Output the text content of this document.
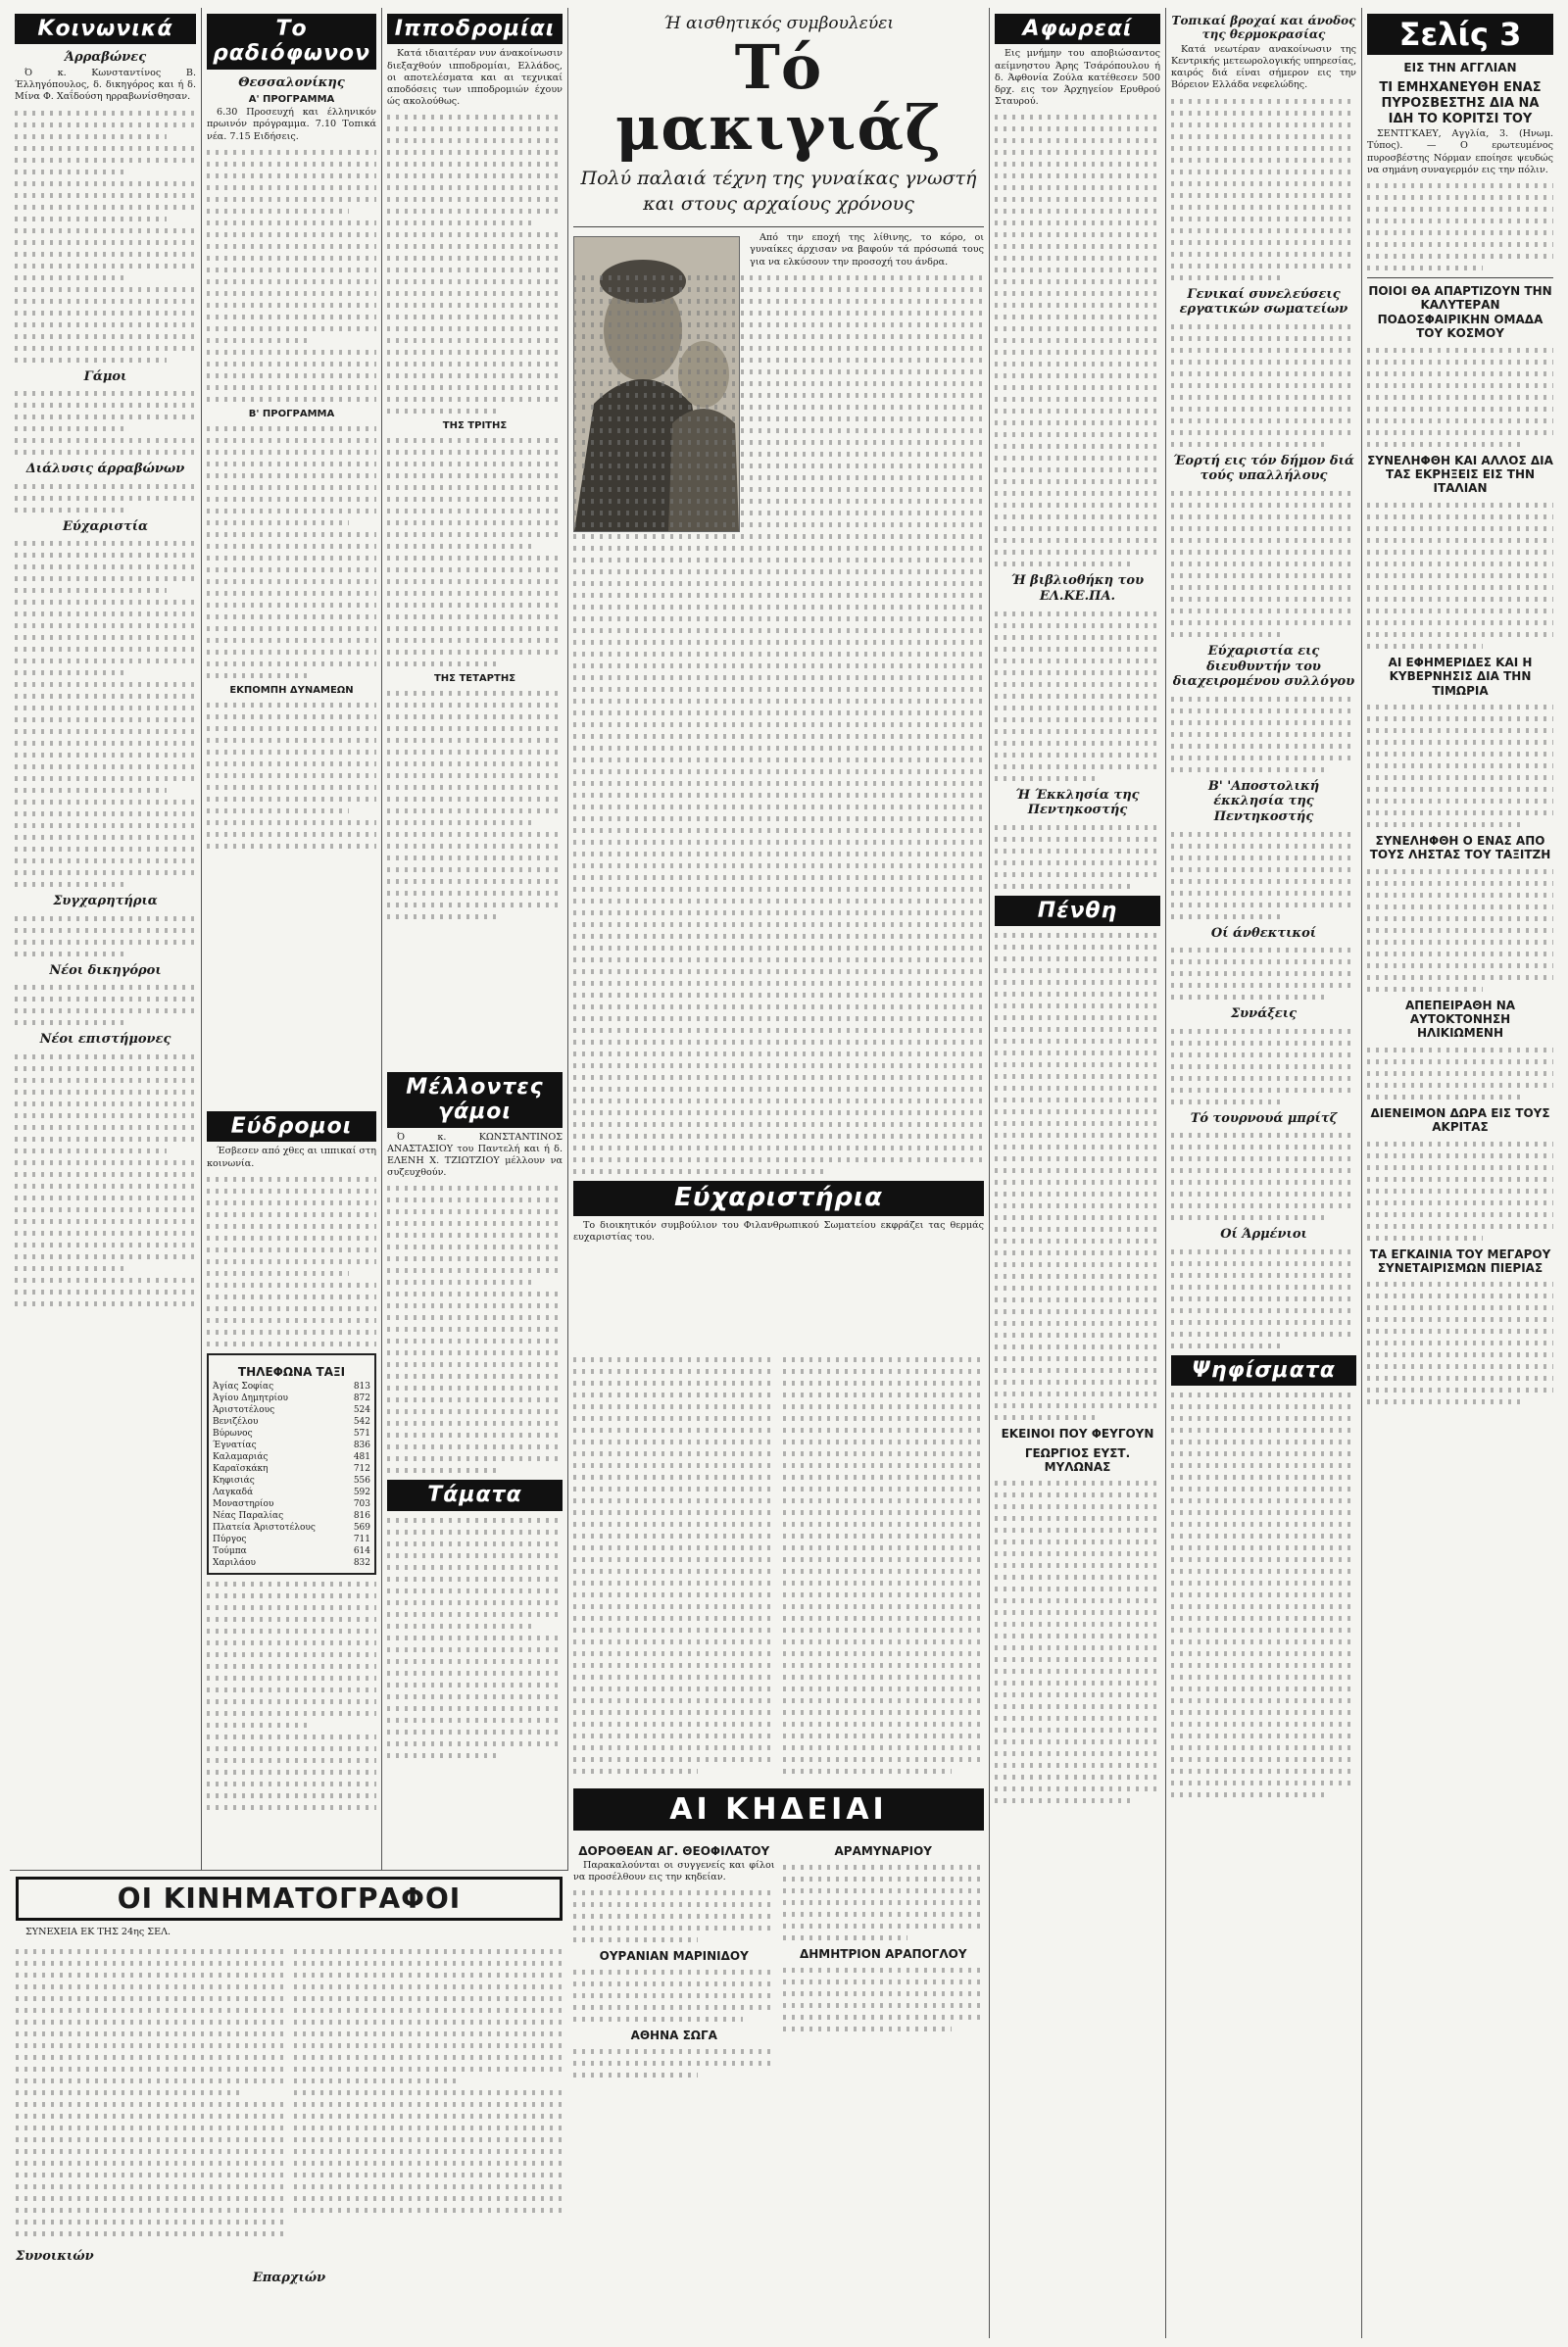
Κοινωνικά
Άρραβώνες

Ό κ. Κωνσταντίνος Β. Έλληγόπουλος, δ. δικηγόρος και ή δ. Μίνα Φ. Χαΐδούση ηρραβωνίσθησαν.

Γάμοι
Διάλυσις άρραβώνων
Εύχαριστία
Συγχαρητήρια
Νέοι δικηγόροι
Νέοι επιστήμονες
Το ραδιόφωνον
Θεσσαλονίκης
Α' ΠΡΟΓΡΑΜΜΑ

6.30 Προσευχή και έλληνικόν πρωινόν πρόγραμμα. 7.10 Τοπικά νέα. 7.15 Ειδήσεις.

Β' ΠΡΟΓΡΑΜΜΑ
ΕΚΠΟΜΠΗ ΔΥΝΑΜΕΩΝ
Εύδρομοι

Έσβεσεν από χθες αι ιππικαί στη κοινωνία.

ΤΗΛΕΦΩΝΑ ΤΑΞΙ
Άγίας Σοφίας	813
Άγίου Δημητρίου	872
Άριστοτέλους	524
Βενιζέλου	542
Βύρωνος	571
Έγνατίας	836
Καλαμαριάς	481
Καραϊσκάκη	712
Κηφισιάς	556
Λαγκαδά	592
Μοναστηρίου	703
Νέας Παραλίας	816
Πλατεία Άριστοτέλους	569
Πύργος	711
Τούμπα	614
Χαριλάου	832
Ιπποδρομίαι

Κατά ιδιαιτέραν νυν άνακοίνωσιν διεξαχθούν ιπποδρομίαι, Ελλάδος, οι αποτελέσματα και αι τεχνικαί αποδόσεις των ιπποδρομιών έχουν ώς ακολούθως.

ΤΗΣ ΤΡΙΤΗΣ
ΤΗΣ ΤΕΤΑΡΤΗΣ
Μέλλοντες γάμοι

Ό κ. ΚΩΝΣΤΑΝΤΙΝΟΣ ΑΝΑΣΤΑΣΙΟΥ του Παντελή και ή δ. ΕΛΕΝΗ Χ. ΤΖΙΩΤΖΙΟΥ μέλλουν να συζευχθούν.

Τάματα
ΟΙ ΚΙΝΗΜΑΤΟΓΡΑΦΟΙ

ΣΥΝΕΧΕΙΑ ΕΚ ΤΗΣ 24ης ΣΕΛ.

Συνοικιών
Επαρχιών
Ή αισθητικός συμβουλεύει
Τό μακιγιάζ
Πολύ παλαιά τέχνη της γυναίκας γνωστή και στους αρχαίους χρόνους

Από την εποχή της λίθινης, το κόρο, οι γυναίκες άρχισαν να βαφούν τά πρόσωπά τους για να ελκύσουν την προσοχή του άνδρα.

Εύχαριστήρια

Το διοικητικόν συμβούλιον του Φιλανθρωπικού Σωματείου εκφράζει τας θερμάς ευχαριστίας του.

ΑΙ ΚΗΔΕΙΑΙ
ΔΟΡΟΘΕΑΝ ΑΓ. ΘΕΟΦΙΛΑΤΟΥ

Παρακαλούνται οι συγγενείς και φίλοι να προσέλθουν εις την κηδείαν.

ΟΥΡΑΝΙΑΝ ΜΑΡΙΝΙΔΟΥ
ΑΘΗΝΑ ΣΩΓΑ
ΑΡΑΜΥΝΑΡΙΟΥ
ΔΗΜΗΤΡΙΟΝ ΑΡΑΠΟΓΛΟΥ
Αφωρεαί

Εις μνήμην του αποβιώσαντος αείμνηστου Άρης Τσάρόπουλου ή δ. Άφθονία Ζούλα κατέθεσεν 500 δρχ. εις τον Άρχηγείον Ερυθρού Σταυρού.

Ή βιβλιοθήκη του ΕΛ.ΚΕ.ΠΑ.
Ή Έκκλησία της Πεντηκοστής
Πένθη
ΕΚΕΙΝΟΙ ΠΟΥ ΦΕΥΓΟΥΝ
ΓΕΩΡΓΙΟΣ ΕΥΣΤ. ΜΥΛΩΝΑΣ
Τοπικαί βροχαί και άνοδος της θερμοκρασίας

Κατά νεωτέραν ανακοίνωσιν της Κεντρικής μετεωρολογικής υπηρεσίας, καιρός διά είναι σήμερον εις την Βόρειον Ελλάδα νεφελώδης.

Γενικαί συνελεύσεις εργατικών σωματείων
Έορτή εις τόν δήμον διά τούς υπαλλήλους
Εύχαριστία εις διευθυντήν του διαχειρομένου συλλόγου
Β' 'Αποστολική έκκλησία της Πεντηκοστής
Οί άνθεκτικοί
Συνάξεις
Τό τουρνουά μπρίτζ
Οί Άρμένιοι
Ψηφίσματα
Σελίς 3
ΕΙΣ ΤΗΝ ΑΓΓΛΙΑΝ
ΤΙ ΕΜΗΧΑΝΕΥΘΗ ΕΝΑΣ ΠΥΡΟΣΒΕΣΤΗΣ ΔΙΑ ΝΑ ΙΔΗ ΤΟ ΚΟΡΙΤΣΙ ΤΟΥ

ΣΕΝΤΓΚΑΕΥ, Αγγλία, 3. (Ηνωμ. Τύπος). — Ο ερωτευμένος πυροσβέστης Νόρμαν εποίησε ψευδώς να σημάνη συναγερμόν εις την πόλιν.

ΠΟΙΟΙ ΘΑ ΑΠΑΡΤΙΖΟΥΝ ΤΗΝ ΚΑΛΥΤΕΡΑΝ ΠΟΔΟΣΦΑΙΡΙΚΗΝ ΟΜΑΔΑ ΤΟΥ ΚΟΣΜΟΥ
ΣΥΝΕΛΗΦΘΗ ΚΑΙ ΑΛΛΟΣ ΔΙΑ ΤΑΣ ΕΚΡΗΞΕΙΣ ΕΙΣ ΤΗΝ ΙΤΑΛΙΑΝ
ΑΙ ΕΦΗΜΕΡΙΔΕΣ ΚΑΙ Η ΚΥΒΕΡΝΗΣΙΣ ΔΙΑ ΤΗΝ ΤΙΜΩΡΙΑ
ΣΥΝΕΛΗΦΘΗ Ο ΕΝΑΣ ΑΠΟ ΤΟΥΣ ΛΗΣΤΑΣ ΤΟΥ ΤΑΞΙΤΖΗ
ΑΠΕΠΕΙΡΑΘΗ ΝΑ ΑΥΤΟΚΤΟΝΗΣΗ ΗΛΙΚΙΩΜΕΝΗ
ΔΙΕΝΕΙΜΟΝ ΔΩΡΑ ΕΙΣ ΤΟΥΣ ΑΚΡΙΤΑΣ
ΤΑ ΕΓΚΑΙΝΙΑ ΤΟΥ ΜΕΓΑΡΟΥ ΣΥΝΕΤΑΙΡΙΣΜΩΝ ΠΙΕΡΙΑΣ
